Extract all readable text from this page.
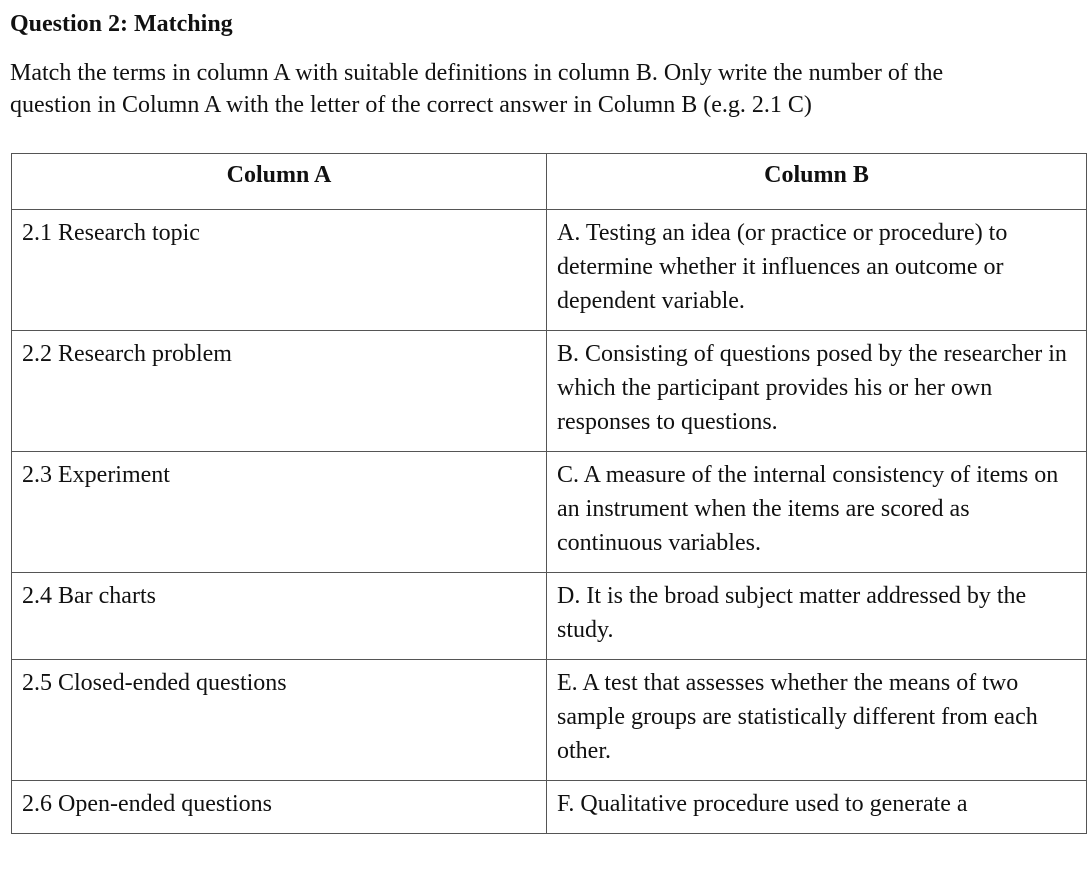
Question 2: Matching
Match the terms in column A with suitable definitions in column B. Only write the number of the
question in Column A with the letter of the correct answer in Column B (e.g. 2.1 C)
Column A	Column B
2.1 Research topic	A. Testing an idea (or practice or procedure) to determine whether it influences an outcome or dependent variable.
2.2 Research problem	B. Consisting of questions posed by the researcher in which the participant provides his or her own responses to questions.
2.3 Experiment	C. A measure of the internal consistency of items on an instrument when the items are scored as continuous variables.
2.4 Bar charts	D. It is the broad subject matter addressed by the study.
2.5 Closed-ended questions	E. A test that assesses whether the means of two sample groups are statistically different from each other.
2.6 Open-ended questions	F. Qualitative procedure used to generate a
